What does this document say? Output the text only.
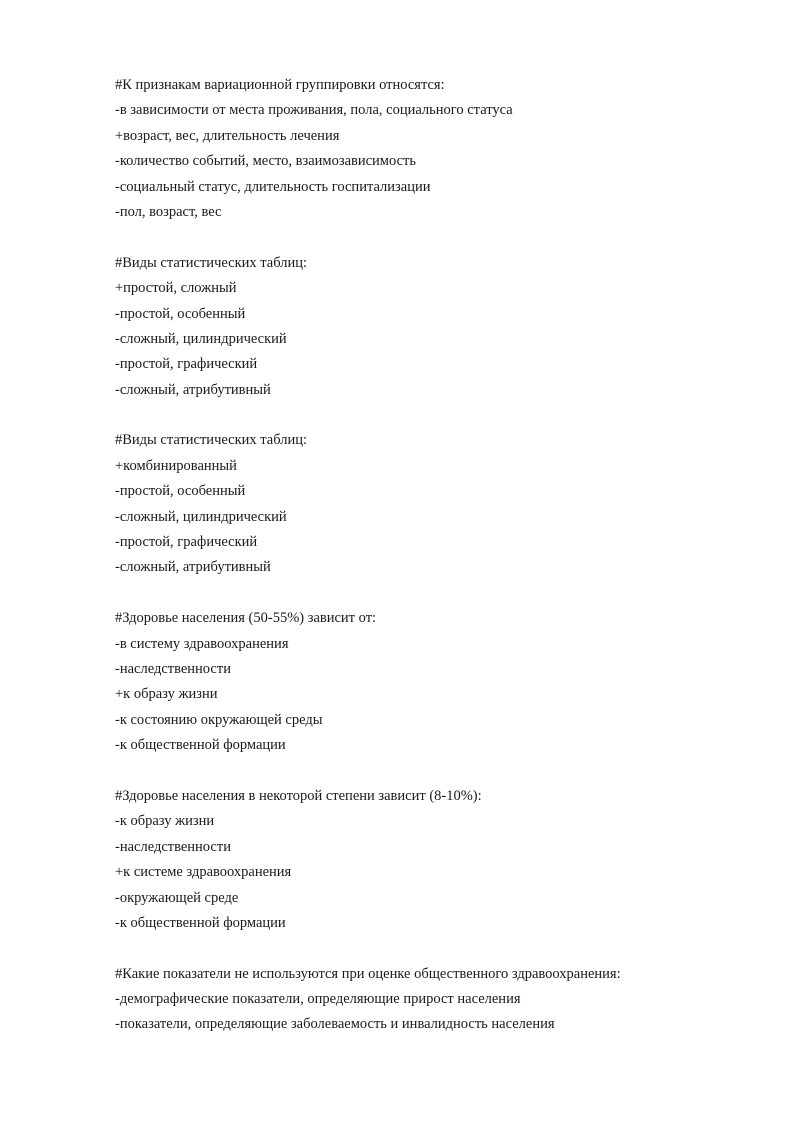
#К признакам вариационной группировки относятся:
-в зависимости от места проживания, пола, социального статуса
+возраст, вес, длительность лечения
-количество событий, место, взаимозависимость
-социальный статус, длительность госпитализации
-пол, возраст, вес
#Виды статистических таблиц:
+простой, сложный
-простой, особенный
-сложный, цилиндрический
-простой, графический
-сложный, атрибутивный
#Виды статистических таблиц:
+комбинированный
-простой, особенный
-сложный, цилиндрический
-простой, графический
-сложный, атрибутивный
#Здоровье населения (50-55%) зависит от:
-в систему здравоохранения
-наследственности
+к образу жизни
-к состоянию окружающей среды
-к общественной формации
#Здоровье населения в некоторой степени зависит (8-10%):
-к образу жизни
-наследственности
+к системе здравоохранения
-окружающей среде
-к общественной формации
#Какие показатели не используются при оценке общественного здравоохранения:
-демографические показатели, определяющие прирост населения
-показатели, определяющие заболеваемость и инвалидность населения
